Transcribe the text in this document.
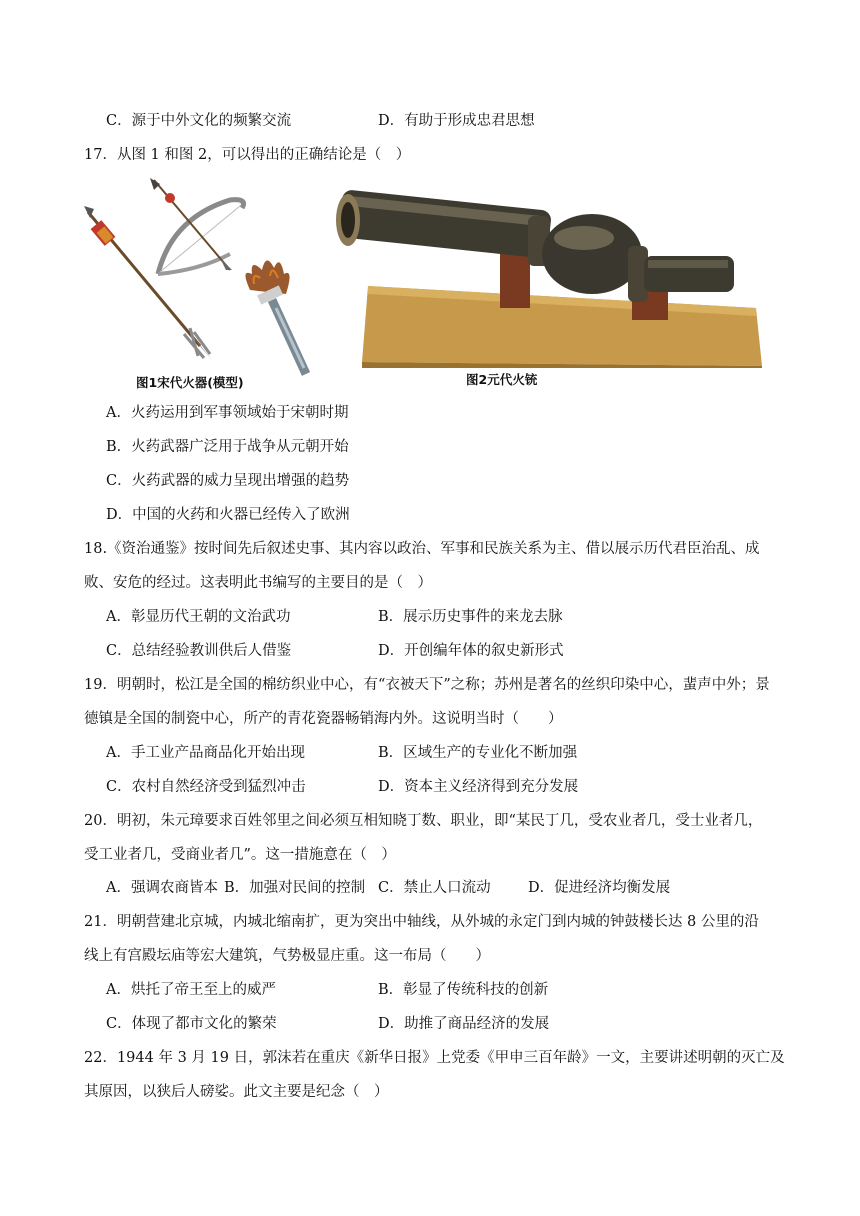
C．源于中外文化的频繁交流	D．有助于形成忠君思想
17．从图 1 和图 2，可以得出的正确结论是（　）
图1宋代火器(模型)	图2元代火铳
A．火药运用到军事领域始于宋朝时期
B．火药武器广泛用于战争从元朝开始
C．火药武器的威力呈现出增强的趋势
D．中国的火药和火器已经传入了欧洲
18.《资治通鉴》按时间先后叙述史事、其内容以政治、军事和民族关系为主、借以展示历代君臣治乱、成
败、安危的经过。这表明此书编写的主要目的是（　）
A．彰显历代王朝的文治武功	B．展示历史事件的来龙去脉
C．总结经验教训供后人借鉴	D．开创编年体的叙史新形式
19．明朝时，松江是全国的棉纺织业中心，有“衣被天下”之称；苏州是著名的丝织印染中心，蜚声中外；景
德镇是全国的制瓷中心，所产的青花瓷器畅销海内外。这说明当时（　　）
A．手工业产品商品化开始出现	B．区域生产的专业化不断加强
C．农村自然经济受到猛烈冲击	D．资本主义经济得到充分发展
20．明初，朱元璋要求百姓邻里之间必须互相知晓丁数、职业，即“某民丁几，受农业者几，受士业者几，
受工业者几，受商业者几”。这一措施意在（　）
A．强调农商皆本 B．加强对民间的控制 C．禁止人口流动	D．促进经济均衡发展
21．明朝营建北京城，内城北缩南扩，更为突出中轴线，从外城的永定门到内城的钟鼓楼长达 8 公里的沿
线上有宫殿坛庙等宏大建筑，气势极显庄重。这一布局（　　）
A．烘托了帝王至上的威严	B．彰显了传统科技的创新
C．体现了都市文化的繁荣	D．助推了商品经济的发展
22．1944 年 3 月 19 日，郭沫若在重庆《新华日报》上党委《甲申三百年龄》一文，主要讲述明朝的灭亡及
其原因，以狭后人磅娑。此文主要是纪念（　）
